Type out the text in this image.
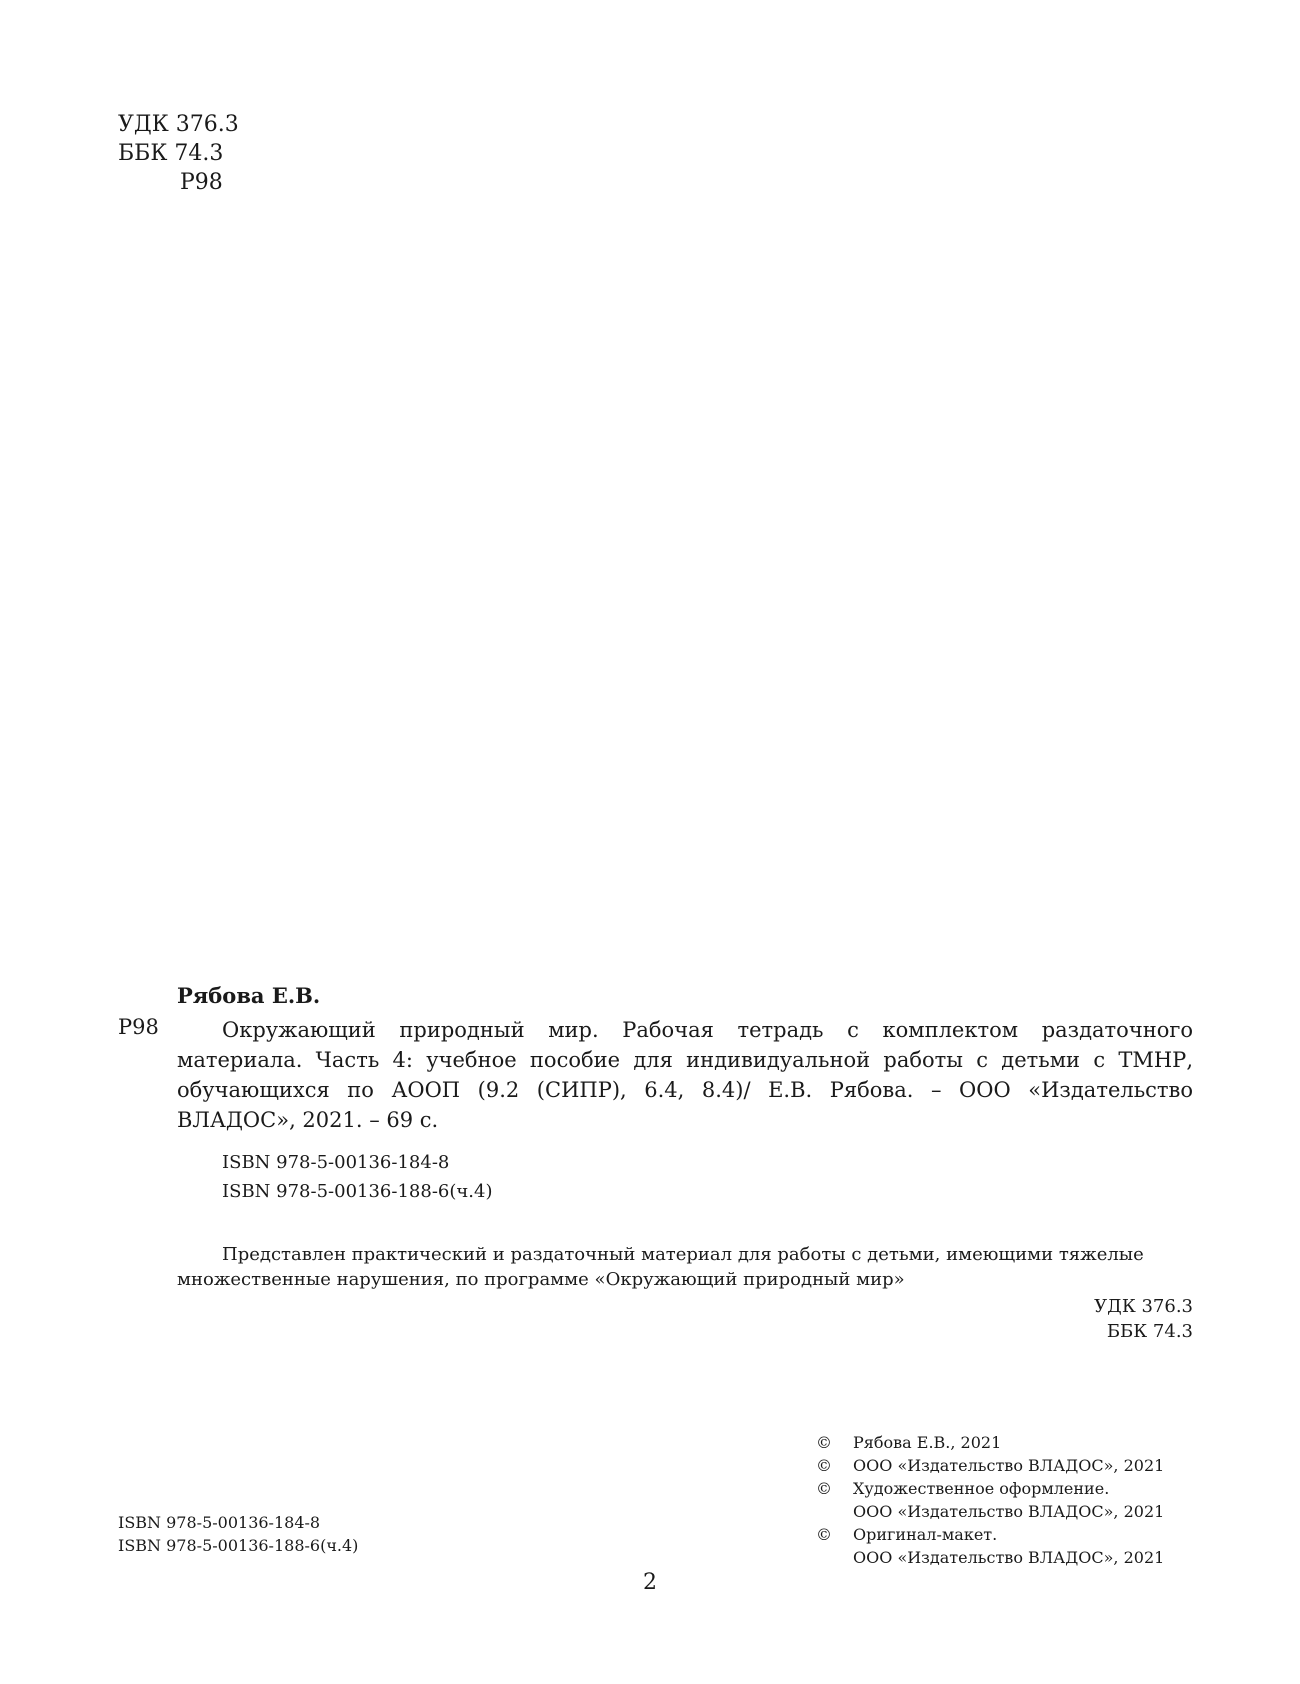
УДК 376.3
ББК 74.3
Р98
Рябова Е.В.
Р98	Окружающий природный мир. Рабочая тетрадь с комплектом раздаточного материала. Часть 4: учебное пособие для индивидуальной работы с детьми с ТМНР, обучающихся по АООП (9.2 (СИПР), 6.4, 8.4)/ Е.В. Рябова. – ООО «Издательство ВЛАДОС», 2021. – 69 с.
ISBN 978-5-00136-184-8
ISBN 978-5-00136-188-6(ч.4)
Представлен практический и раздаточный материал для работы с детьми, имеющими тяжелые множественные нарушения, по программе «Окружающий природный мир»
УДК 376.3
ББК 74.3
© Рябова Е.В., 2021
© ООО «Издательство ВЛАДОС», 2021
© Художественное оформление.
ООО «Издательство ВЛАДОС», 2021
© Оригинал-макет.
ООО «Издательство ВЛАДОС», 2021
ISBN 978-5-00136-184-8
ISBN 978-5-00136-188-6(ч.4)
2
